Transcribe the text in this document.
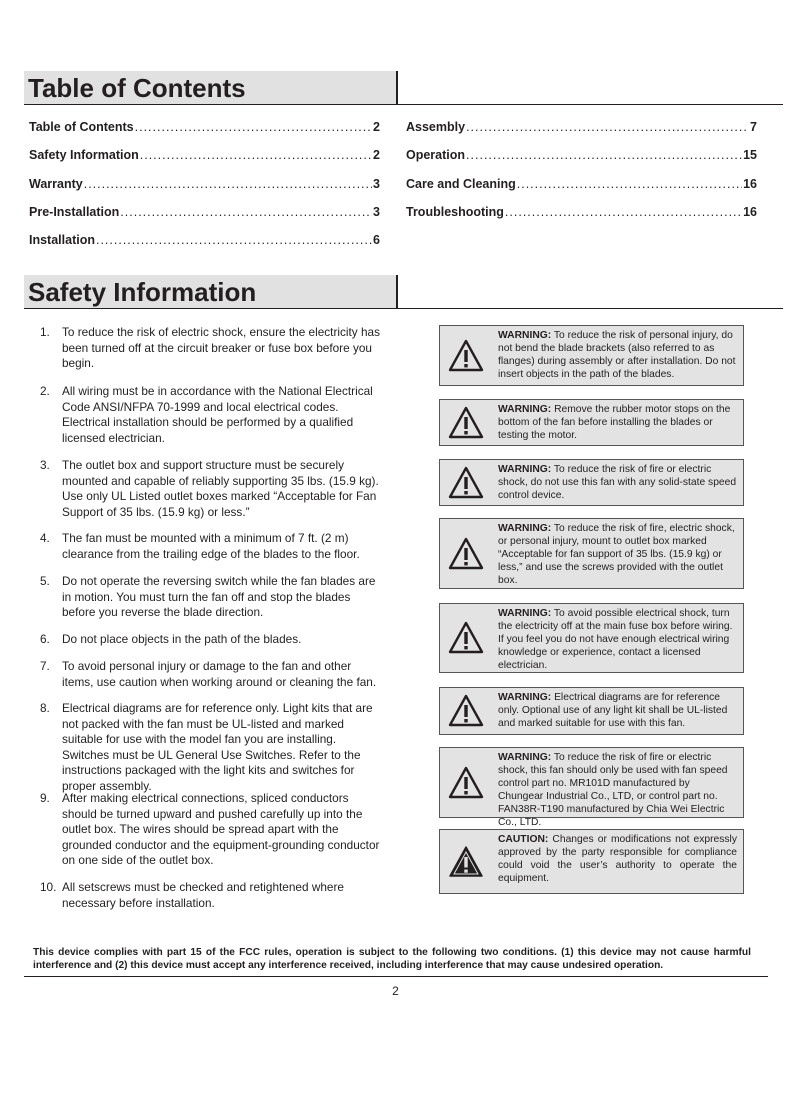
Table of Contents
Table of Contents .....	2
Safety Information .....	2
Warranty .....	3
Pre-Installation .....	3
Installation .....	6
Assembly .....	7
Operation .....	15
Care and Cleaning .....	16
Troubleshooting .....	16
Safety Information
1. To reduce the risk of electric shock, ensure the electricity has been turned off at the circuit breaker or fuse box before you begin.
2. All wiring must be in accordance with the National Electrical Code ANSI/NFPA 70-1999 and local electrical codes. Electrical installation should be performed by a qualified licensed electrician.
3. The outlet box and support structure must be securely mounted and capable of reliably supporting 35 lbs. (15.9 kg). Use only UL Listed outlet boxes marked “Acceptable for Fan Support of 35 lbs. (15.9 kg) or less.”
4. The fan must be mounted with a minimum of 7 ft. (2 m) clearance from the trailing edge of the blades to the floor.
5. Do not operate the reversing switch while the fan blades are in motion. You must turn the fan off and stop the blades before you reverse the blade direction.
6. Do not place objects in the path of the blades.
7. To avoid personal injury or damage to the fan and other items, use caution when working around or cleaning the fan.
8. Electrical diagrams are for reference only. Light kits that are not packed with the fan must be UL-listed and marked suitable for use with the model fan you are installing. Switches must be UL General Use Switches. Refer to the instructions packaged with the light kits and switches for proper assembly.
9. After making electrical connections, spliced conductors should be turned upward and pushed carefully up into the outlet box. The wires should be spread apart with the grounded conductor and the equipment-grounding conductor on one side of the outlet box.
10. All setscrews must be checked and retightened where necessary before installation.
WARNING: To reduce the risk of personal injury, do not bend the blade brackets (also referred to as flanges) during assembly or after installation. Do not insert objects in the path of the blades.
WARNING: Remove the rubber motor stops on the bottom of the fan before installing the blades or testing the motor.
WARNING: To reduce the risk of fire or electric shock, do not use this fan with any solid-state speed control device.
WARNING: To reduce the risk of fire, electric shock, or personal injury, mount to outlet box marked “Acceptable for fan support of 35 lbs. (15.9 kg) or less,” and use the screws provided with the outlet box.
WARNING: To avoid possible electrical shock, turn the electricity off at the main fuse box before wiring. If you feel you do not have enough electrical wiring knowledge or experience, contact a licensed electrician.
WARNING: Electrical diagrams are for reference only. Optional use of any light kit shall be UL-listed and marked suitable for use with this fan.
WARNING: To reduce the risk of fire or electric shock, this fan should only be used with fan speed control part no. MR101D manufactured by Chungear Industrial Co., LTD, or control part no. FAN38R-T190 manufactured by Chia Wei Electric Co., LTD.
CAUTION: Changes or modifications not expressly approved by the party responsible for compliance could void the user’s authority to operate the equipment.
This device complies with part 15 of the FCC rules, operation is subject to the following two conditions. (1) this device may not cause harmful interference and (2) this device must accept any interference received, including interference that may cause undesired operation.
2
